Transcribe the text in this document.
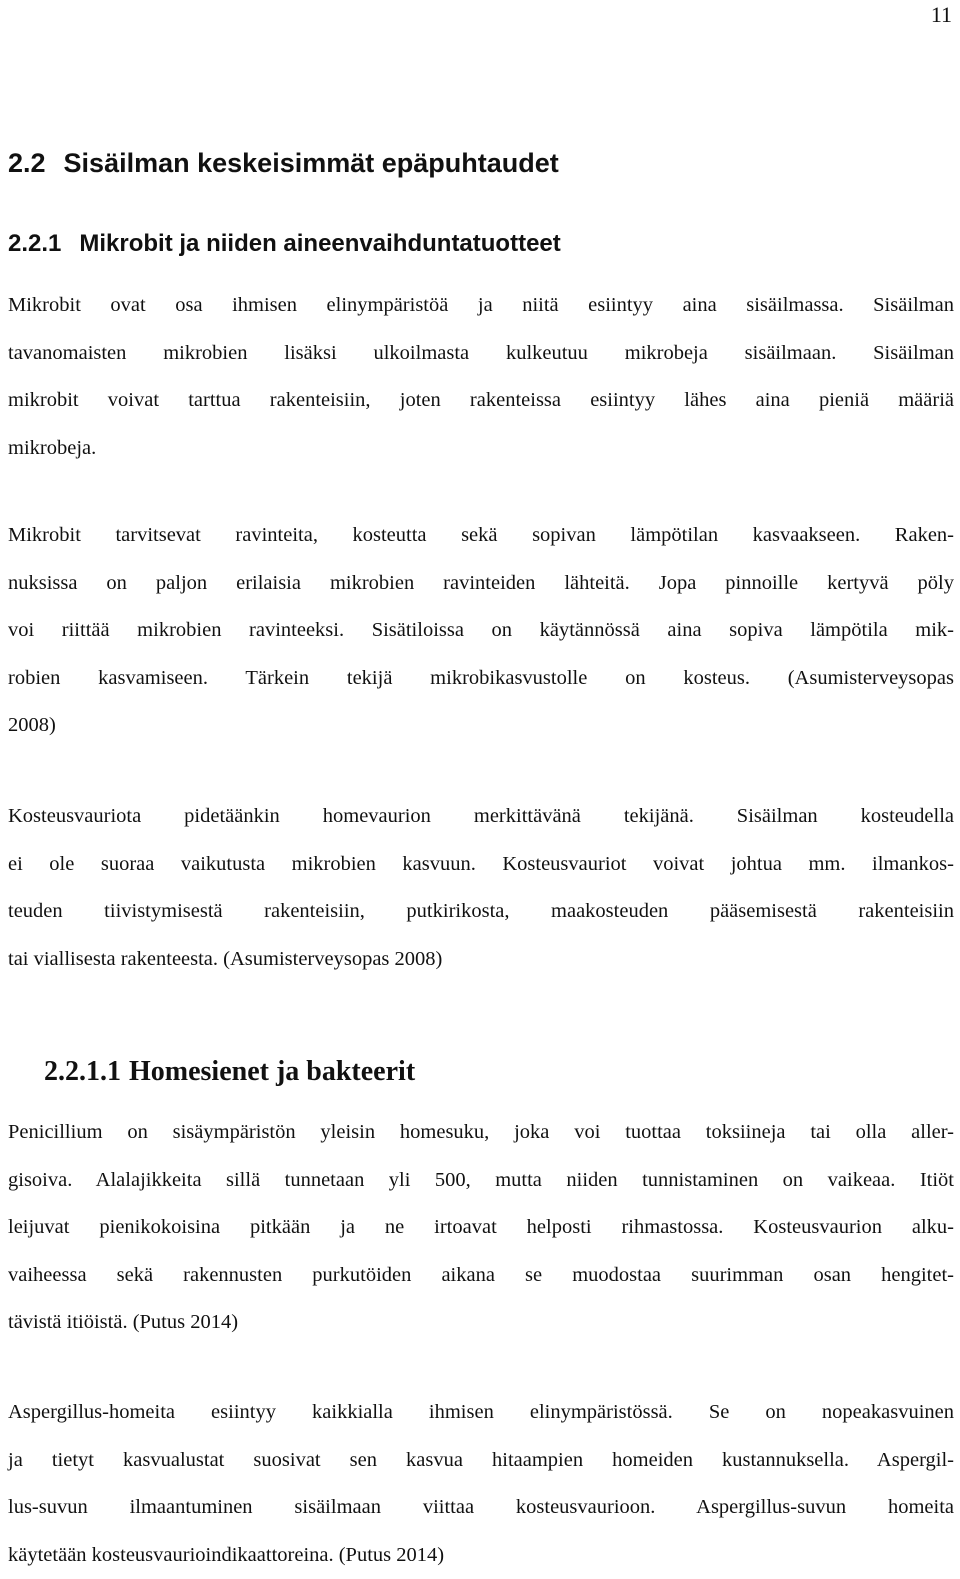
11
2.2 Sisäilman keskeisimmät epäpuhtaudet
2.2.1 Mikrobit ja niiden aineenvaihduntatuotteet

Mikrobit ovat osa ihmisen elinympäristöä ja niitä esiintyy aina sisäilmassa. Sisäilman
tavanomaisten mikrobien lisäksi ulkoilmasta kulkeutuu mikrobeja sisäilmaan. Sisäilman
mikrobit voivat tarttua rakenteisiin, joten rakenteissa esiintyy lähes aina pieniä määriä
mikrobeja.

Mikrobit tarvitsevat ravinteita, kosteutta sekä sopivan lämpötilan kasvaakseen. Raken-
nuksissa on paljon erilaisia mikrobien ravinteiden lähteitä. Jopa pinnoille kertyvä pöly
voi riittää mikrobien ravinteeksi. Sisätiloissa on käytännössä aina sopiva lämpötila mik-
robien kasvamiseen. Tärkein tekijä mikrobikasvustolle on kosteus. (Asumisterveysopas
2008)

Kosteusvauriota pidetäänkin homevaurion merkittävänä tekijänä. Sisäilman kosteudella
ei ole suoraa vaikutusta mikrobien kasvuun. Kosteusvauriot voivat johtua mm. ilmankos-
teuden tiivistymisestä rakenteisiin, putkirikosta, maakosteuden pääsemisestä rakenteisiin
tai viallisesta rakenteesta. (Asumisterveysopas 2008)

2.2.1.1 Homesienet ja bakteerit

Penicillium on sisäympäristön yleisin homesuku, joka voi tuottaa toksiineja tai olla aller-
gisoiva. Alalajikkeita sillä tunnetaan yli 500, mutta niiden tunnistaminen on vaikeaa. Itiöt
leijuvat pienikokoisina pitkään ja ne irtoavat helposti rihmastossa. Kosteusvaurion alku-
vaiheessa sekä rakennusten purkutöiden aikana se muodostaa suurimman osan hengitet-
tävistä itiöistä. (Putus 2014)

Aspergillus-homeita esiintyy kaikkialla ihmisen elinympäristössä. Se on nopeakasvuinen
ja tietyt kasvualustat suosivat sen kasvua hitaampien homeiden kustannuksella. Aspergil-
lus-suvun ilmaantuminen sisäilmaan viittaa kosteusvaurioon. Aspergillus-suvun homeita
käytetään kosteusvaurioindikaattoreina. (Putus 2014)
